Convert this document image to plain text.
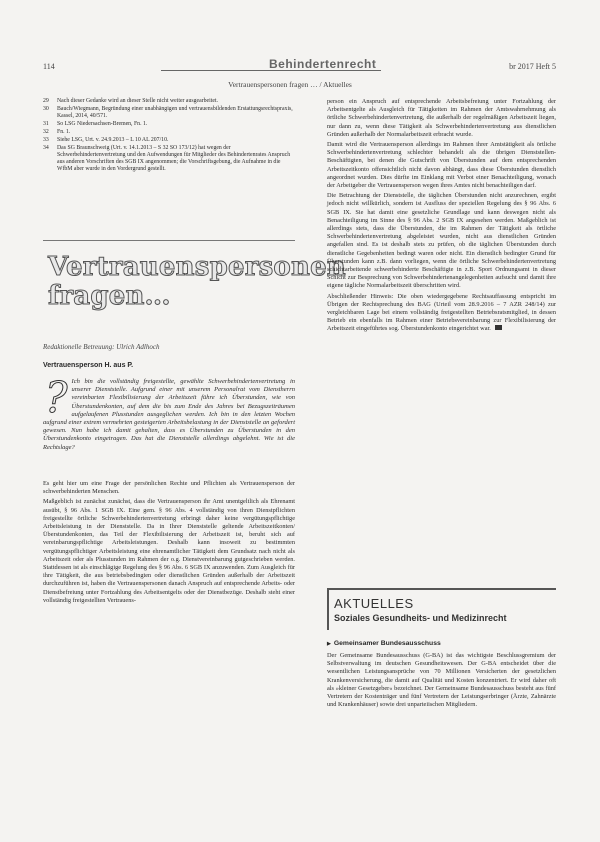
114	Behindertenrecht	br 2017 Heft 5
Vertrauenspersonen fragen … / Aktuelles
29	Nach dieser Gedanke wird an dieser Stelle nicht weiter ausgearbeitet.
30	Bauch/Wiegmann, Begründung einer unabhängigen und vertrauensbildenden Erstattungsrechtspraxis, Kassel, 2014, 40/571.
31	So LSG Niedersachsen-Bremen, Fn. 1.
32	Fn. 1.
33	Siehe LSG, Urt. v. 24.9.2013 – L 10 AL 207/10.
34	Das SG Braunschweig (Urt. v. 14.1.2013 – S 32 SO 173/12) hat wegen der Schwerbehindertenvertretung und den Aufwendungen für Mitglieder des Behindertenrates Anspruch aus anderen Vorschriften des SGB IX angenommen; die Vorschriftsgebung, die Aufnahme in die WfbM aber wurde in den Vordergrund gestellt.
Vertrauenspersonen
fragen…
Redaktionelle Betreuung: Ulrich Adlhoch
Vertrauensperson H. aus P.
? Ich bin die vollständig freigestellte, gewählte Schwerbehindertenvertretung in unserer Dienststelle. Aufgrund einer mit unserem Personalrat vom Dienstherrn vereinbarten Flexibilisierung der Arbeitszeit führe ich Überstunden, wie von Überstundenkonten, auf dem die bis zum Ende des Jahres bei Bezugszeiträumen aufgelaufenen Plusstunden ausgeglichen werden. Ich bin in den letzten Wochen aufgrund einer extrem vermehrten gesteigerten Arbeitsbelastung in der Dienststelle an gefordert gewesen. Nun habe ich damit gehalten, dass es Überstunden zu Überstunden in den Überstundenkonto eingetragen. Das hat die Dienststelle allerdings abgelehnt. Wie ist die Rechtslage?

Es geht hier um eine Frage der persönlichen Rechte und Pflichten als Vertrauensperson der schwerbehinderten Menschen.

Maßgeblich ist zunächst zunächst, dass die Vertrauensperson ihr Amt unentgeltlich als Ehrenamt ausübt, § 96 Abs. 1 SGB IX. Eine gem. § 96 Abs. 4 vollständig von ihren Dienstpflichten freigestellte örtliche Schwerbehindertenvertretung erbringt daher keine vergütungspflichtige Arbeitsleistung in der Dienststelle. Da in Ihrer Dienststelle geltende Arbeitszeitkonten/Überstundenkonten, das Teil der Flexibilisierung der Arbeitszeit ist, beruht sich auf vereinbarungspflichtige Arbeitsleistungen. Deshalb kann insoweit zu bestimmten vergütungspflichtiger Arbeitsleistung eine ehrenamtlicher Tätigkeit dem Grundsatz nach nicht als Arbeitszeit oder als Plusstunden im Rahmen der o.g. Dienstvereinbarung gutgeschrieben werden. Stattdessen ist als einschlägige Regelung des § 96 Abs. 6 SGB IX anzuwenden. Zum Ausgleich für ihre Tätigkeit, die aus betriebsbedingten oder dienstlichen Gründen außerhalb der Arbeitszeit durchzuführen ist, haben die Vertrauenspersonen danach Anspruch auf entsprechende Arbeits- oder Dienstbefreiung unter Fortzahlung des Arbeitsentgelts oder der Dienstbezüge. Deshalb steht einer vollständig freigestellten Vertrauens-

person ein Anspruch auf entsprechende Arbeitsbefreiung unter Fortzahlung der Arbeitsentgelte als Ausgleich für Tätigkeiten im Rahmen der Amtswahrnehmung als örtliche Schwerbehindertenvertretung, die außerhalb der regelmäßigen Arbeitszeit liegen, nur dann zu, wenn diese Tätigkeit als Schwerbehindertenvertretung aus dienstlichen Gründen außerhalb der Normalarbeitszeit erbracht wurde.

Damit wird die Vertrauensperson allerdings im Rahmen ihrer Amtstätigkeit als örtliche Schwerbehindertenvertretung schlechter behandelt als die übrigen Dienststellen-Beschäftigten, bei denen die Gutschrift von Überstunden auf dem entsprechenden Arbeitszeitkonto offensichtlich nicht davon abhängt, dass diese Überstunden dienstlich angeordnet wurden. Dies dürfte im Einklang mit Verbot einer Benachteiligung, wonach der Arbeitgeber die Vertrauensperson wegen ihres Amtes nicht benachteiligen darf.

Die Betrachtung der Dienststelle, die täglichen Überstunden nicht anzurechnen, ergibt jedoch nicht willkürlich, sondern ist Ausfluss der speziellen Regelung des § 96 Abs. 6 SGB IX. Sie hat damit eine gesetzliche Grundlage und kann deswegen nicht als Benachteiligung im Sinne des § 96 Abs. 2 SGB IX angesehen werden. Maßgeblich ist allerdings stets, dass die Überstunden, die im Rahmen der Tätigkeit als örtliche Schwerbehindertenvertretung abgeleistet wurden, nicht aus dienstlichen Gründen angefallen sind. Es ist deshalb stets zu prüfen, ob die täglichen Überstunden durch dienstliche Gegebenheiten bedingt waren oder nicht. Ein dienstlich bedingter Grund für Überstunden kann z.B. dann vorliegen, wenn die örtliche Schwerbehindertenvertretung schichtarbeitende schwerbehinderte Beschäftigte in z.B. Sport Ordnungsamt in dieser Schicht zur Besprechung von Schwerbehindertenangelegenheiten aufsucht und damit ihre eigene tägliche Normalarbeitszeit überschritten wird.

Abschließender Hinweis: Die oben wiedergegebene Rechtsauffassung entspricht im Übrigen der Rechtsprechung des BAG (Urteil vom 28.9.2016 – 7 AZR 248/14) zur vergleichbaren Lage bei einem vollständig freigestellten Betriebsratsmitglied, in dessen Betrieb ein ebenfalls im Rahmen einer Betriebsvereinbarung zur Flexibilisierung der Arbeitszeit eingeführtes sog. Überstundenkonto eingerichtet war.

AKTUELLES
Soziales Gesundheits- und Medizinrecht
▶ Gemeinsamer Bundesausschuss
Der Gemeinsame Bundesausschuss (G-BA) ist das wichtigste Beschlussgremium der Selbstverwaltung im deutschen Gesundheitswesen. Der G-BA entscheidet über die wesentlichen Leistungsansprüche von 70 Millionen Versicherten der gesetzlichen Krankenversicherung, die damit auf Qualität und Kosten konzentriert. Er wird daher oft als »kleiner Gesetzgeber« bezeichnet. Der Gemeinsame Bundesausschuss besteht aus fünf Vertretern der Kostenträger und fünf Vertretern der Leistungserbringer (Ärzte, Zahnärzte und Krankenhäuser) sowie drei unparteiischen Mitgliedern.
